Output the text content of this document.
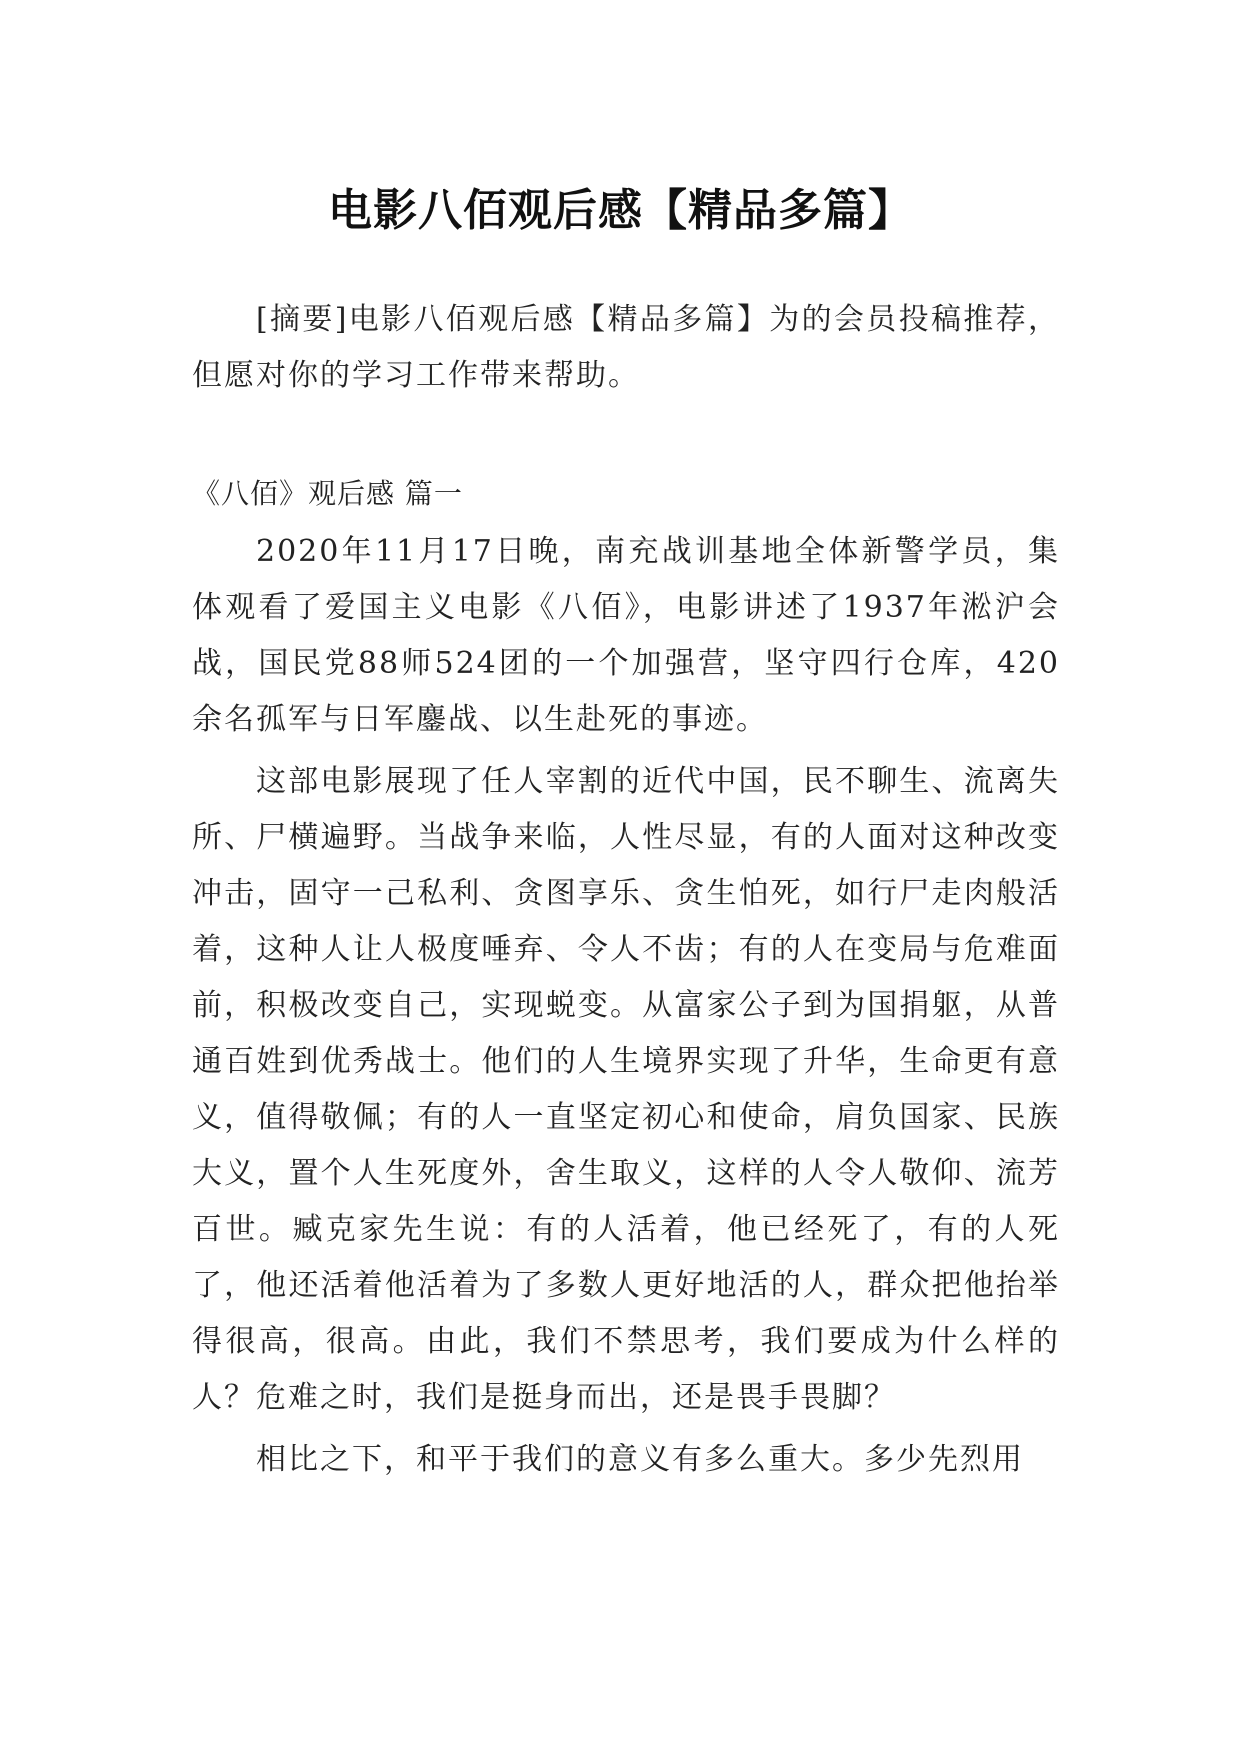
电影八佰观后感【精品多篇】

[摘要]电影八佰观后感【精品多篇】为的会员投稿推荐，但愿对你的学习工作带来帮助。

《八佰》观后感 篇一

2020年11月17日晚，南充战训基地全体新警学员，集体观看了爱国主义电影《八佰》，电影讲述了1937年淞沪会战，国民党88师524团的一个加强营，坚守四行仓库，420余名孤军与日军鏖战、以生赴死的事迹。

这部电影展现了任人宰割的近代中国，民不聊生、流离失所、尸横遍野。当战争来临，人性尽显，有的人面对这种改变冲击，固守一己私利、贪图享乐、贪生怕死，如行尸走肉般活着，这种人让人极度唾弃、令人不齿；有的人在变局与危难面前，积极改变自己，实现蜕变。从富家公子到为国捐躯，从普通百姓到优秀战士。他们的人生境界实现了升华，生命更有意义，值得敬佩；有的人一直坚定初心和使命，肩负国家、民族大义，置个人生死度外，舍生取义，这样的人令人敬仰、流芳百世。臧克家先生说：有的人活着，他已经死了，有的人死了，他还活着他活着为了多数人更好地活的人，群众把他抬举得很高，很高。由此，我们不禁思考，我们要成为什么样的人？危难之时，我们是挺身而出，还是畏手畏脚？

相比之下，和平于我们的意义有多么重大。多少先烈用
